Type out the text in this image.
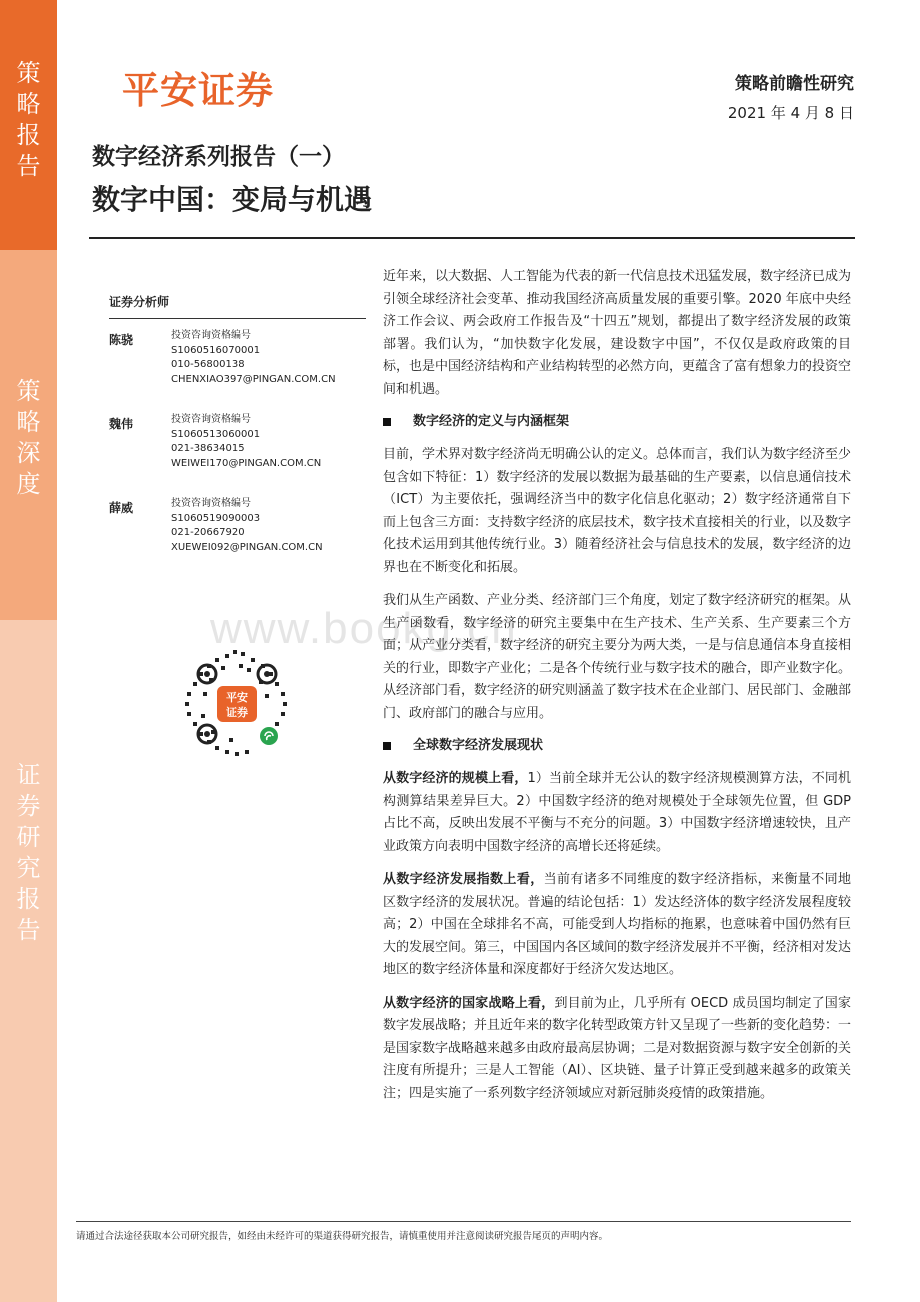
策略报告
策略深度
证券研究报告
平安证券	策略前瞻性研究
2021 年 4 月 8 日
数字经济系列报告（一）
数字中国：变局与机遇
证券分析师
陈骁	投资咨询资格编号
S1060516070001
010-56800138
CHENXIAO397@PINGAN.COM.CN
魏伟	投资咨询资格编号
S1060513060001
021-38634015
WEIWEI170@PINGAN.COM.CN
薛威	投资咨询资格编号
S1060519090003
021-20667920
XUEWEI092@PINGAN.COM.CN
平安
证券
www.bookg.cn

近年来，以大数据、人工智能为代表的新一代信息技术迅猛发展，数字经济已成为引领全球经济社会变革、推动我国经济高质量发展的重要引擎。2020 年底中央经济工作会议、两会政府工作报告及“十四五”规划，都提出了数字经济发展的政策部署。我们认为，“加快数字化发展，建设数字中国”，不仅仅是政府政策的目标，也是中国经济结构和产业结构转型的必然方向，更蕴含了富有想象力的投资空间和机遇。

数字经济的定义与内涵框架

目前，学术界对数字经济尚无明确公认的定义。总体而言，我们认为数字经济至少包含如下特征：1）数字经济的发展以数据为最基础的生产要素，以信息通信技术（ICT）为主要依托，强调经济当中的数字化信息化驱动；2）数字经济通常自下而上包含三方面：支持数字经济的底层技术，数字技术直接相关的行业，以及数字化技术运用到其他传统行业。3）随着经济社会与信息技术的发展，数字经济的边界也在不断变化和拓展。

我们从生产函数、产业分类、经济部门三个角度，划定了数字经济研究的框架。从生产函数看，数字经济的研究主要集中在生产技术、生产关系、生产要素三个方面；从产业分类看，数字经济的研究主要分为两大类，一是与信息通信本身直接相关的行业，即数字产业化；二是各个传统行业与数字技术的融合，即产业数字化。从经济部门看，数字经济的研究则涵盖了数字技术在企业部门、居民部门、金融部门、政府部门的融合与应用。

全球数字经济发展现状

从数字经济的规模上看，1）当前全球并无公认的数字经济规模测算方法，不同机构测算结果差异巨大。2）中国数字经济的绝对规模处于全球领先位置，但 GDP 占比不高，反映出发展不平衡与不充分的问题。3）中国数字经济增速较快，且产业政策方向表明中国数字经济的高增长还将延续。

从数字经济发展指数上看，当前有诸多不同维度的数字经济指标，来衡量不同地区数字经济的发展状况。普遍的结论包括：1）发达经济体的数字经济发展程度较高；2）中国在全球排名不高，可能受到人均指标的拖累，也意味着中国仍然有巨大的发展空间。第三，中国国内各区域间的数字经济发展并不平衡，经济相对发达地区的数字经济体量和深度都好于经济欠发达地区。

从数字经济的国家战略上看，到目前为止，几乎所有 OECD 成员国均制定了国家数字发展战略；并且近年来的数字化转型政策方针又呈现了一些新的变化趋势：一是国家数字战略越来越多由政府最高层协调；二是对数据资源与数字安全创新的关注度有所提升；三是人工智能（AI）、区块链、量子计算正受到越来越多的政策关注；四是实施了一系列数字经济领域应对新冠肺炎疫情的政策措施。

请通过合法途径获取本公司研究报告，如经由未经许可的渠道获得研究报告，请慎重使用并注意阅读研究报告尾页的声明内容。
